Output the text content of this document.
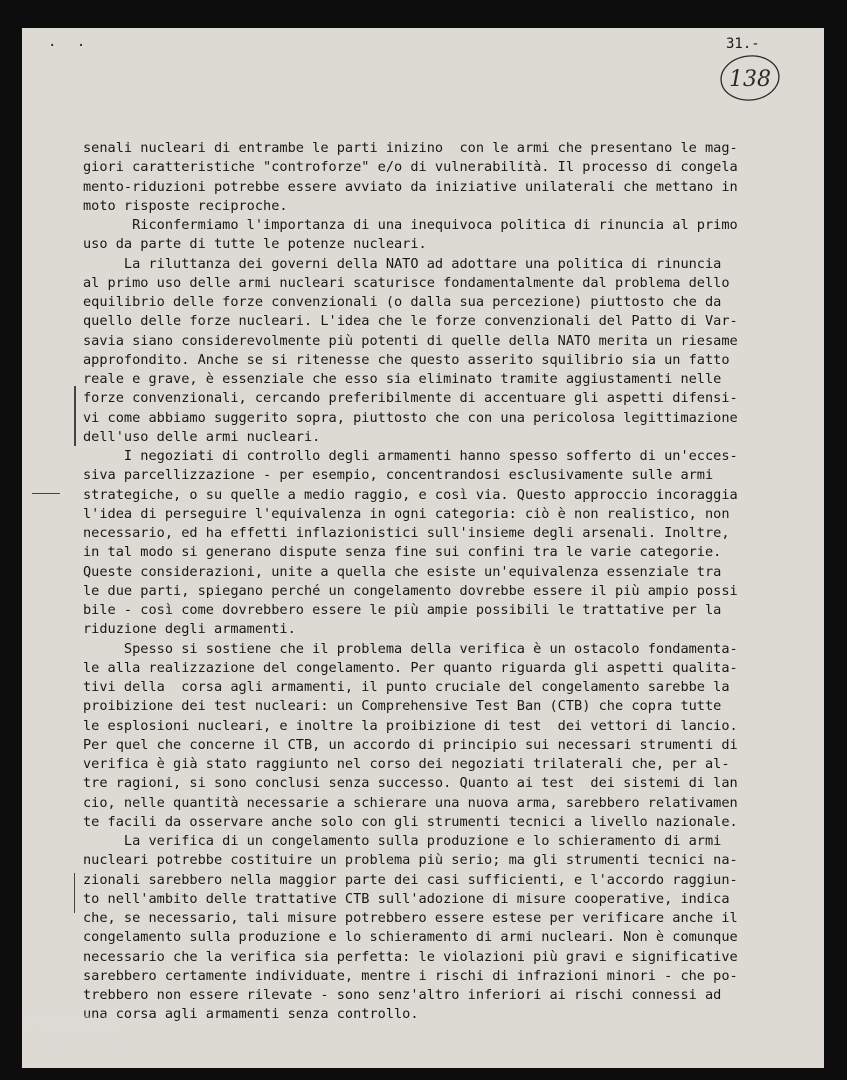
. .	31.-
138
senali nucleari di entrambe le parti inizino  con le armi che presentano le mag-
giori caratteristiche "controforze" e/o di vulnerabilità. Il processo di congela
mento-riduzioni potrebbe essere avviato da iniziative unilaterali che mettano in
moto risposte reciproche.
Riconfermiamo l'importanza di una inequivoca politica di rinuncia al primo
uso da parte di tutte le potenze nucleari.
La riluttanza dei governi della NATO ad adottare una politica di rinuncia
al primo uso delle armi nucleari scaturisce fondamentalmente dal problema dello
equilibrio delle forze convenzionali (o dalla sua percezione) piuttosto che da
quello delle forze nucleari. L'idea che le forze convenzionali del Patto di Var-
savia siano considerevolmente più potenti di quelle della NATO merita un riesame
approfondito. Anche se si ritenesse che questo asserito squilibrio sia un fatto
reale e grave, è essenziale che esso sia eliminato tramite aggiustamenti nelle
forze convenzionali, cercando preferibilmente di accentuare gli aspetti difensi-
vi come abbiamo suggerito sopra, piuttosto che con una pericolosa legittimazione
dell'uso delle armi nucleari.
I negoziati di controllo degli armamenti hanno spesso sofferto di un'ecces-
siva parcellizzazione - per esempio, concentrandosi esclusivamente sulle armi
strategiche, o su quelle a medio raggio, e così via. Questo approccio incoraggia
l'idea di perseguire l'equivalenza in ogni categoria: ciò è non realistico, non
necessario, ed ha effetti inflazionistici sull'insieme degli arsenali. Inoltre,
in tal modo si generano dispute senza fine sui confini tra le varie categorie.
Queste considerazioni, unite a quella che esiste un'equivalenza essenziale tra
le due parti, spiegano perché un congelamento dovrebbe essere il più ampio possi
bile - così come dovrebbero essere le più ampie possibili le trattative per la
riduzione degli armamenti.
Spesso si sostiene che il problema della verifica è un ostacolo fondamenta-
le alla realizzazione del congelamento. Per quanto riguarda gli aspetti qualita-
tivi della  corsa agli armamenti, il punto cruciale del congelamento sarebbe la
proibizione dei test nucleari: un Comprehensive Test Ban (CTB) che copra tutte
le esplosioni nucleari, e inoltre la proibizione di test  dei vettori di lancio.
Per quel che concerne il CTB, un accordo di principio sui necessari strumenti di
verifica è già stato raggiunto nel corso dei negoziati trilaterali che, per al-
tre ragioni, si sono conclusi senza successo. Quanto ai test  dei sistemi di lan
cio, nelle quantità necessarie a schierare una nuova arma, sarebbero relativamen
te facili da osservare anche solo con gli strumenti tecnici a livello nazionale.
La verifica di un congelamento sulla produzione e lo schieramento di armi
nucleari potrebbe costituire un problema più serio; ma gli strumenti tecnici na-
zionali sarebbero nella maggior parte dei casi sufficienti, e l'accordo raggiun-
to nell'ambito delle trattative CTB sull'adozione di misure cooperative, indica
che, se necessario, tali misure potrebbero essere estese per verificare anche il
congelamento sulla produzione e lo schieramento di armi nucleari. Non è comunque
necessario che la verifica sia perfetta: le violazioni più gravi e significative
sarebbero certamente individuate, mentre i rischi di infrazioni minori - che po-
trebbero non essere rilevate - sono senz'altro inferiori ai rischi connessi ad
una corsa agli armamenti senza controllo.
FONDA
